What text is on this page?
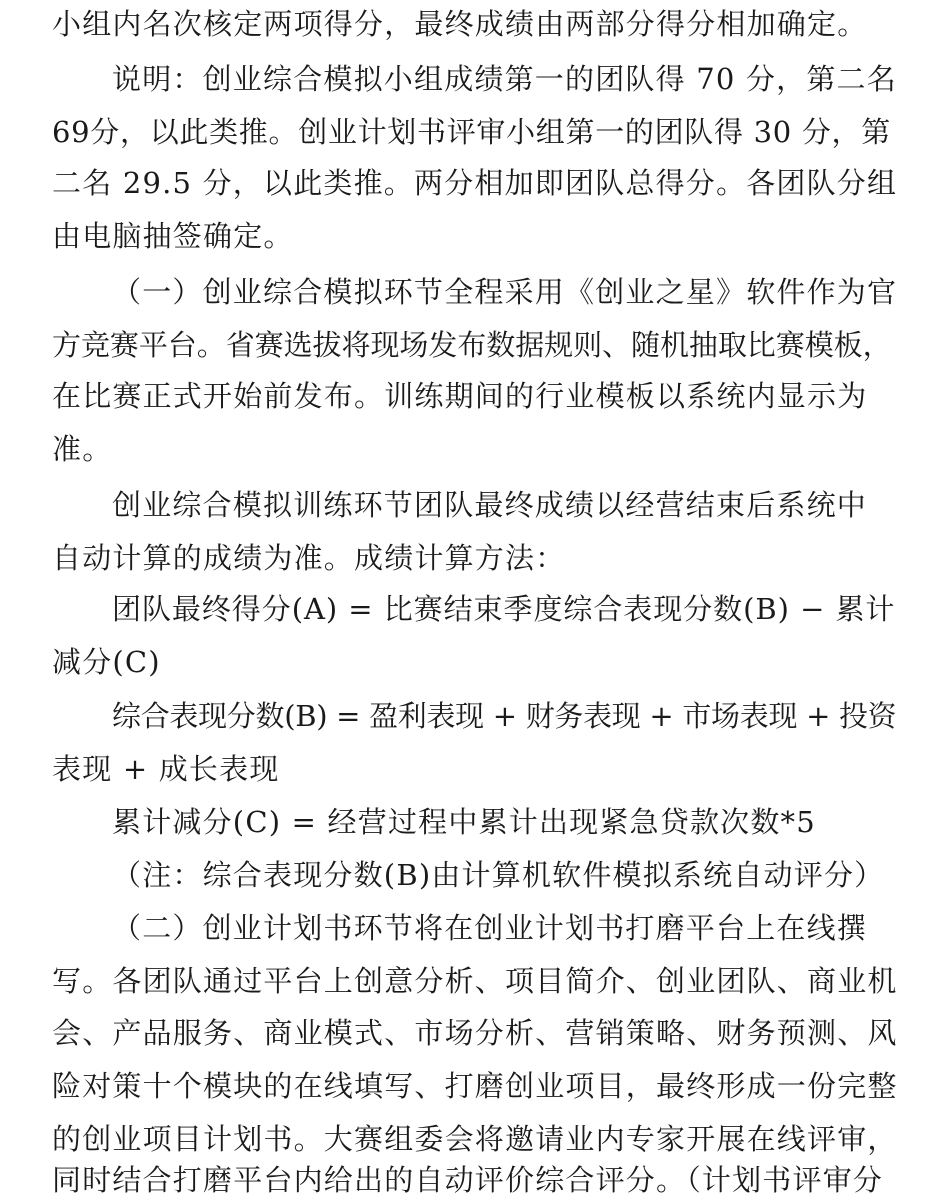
小组内名次核定两项得分，最终成绩由两部分得分相加确定。
说明：创业综合模拟小组成绩第一的团队得 70 分，第二名
69分，以此类推。创业计划书评审小组第一的团队得 30 分，第
二名 29.5 分，以此类推。两分相加即团队总得分。各团队分组
由电脑抽签确定。
（一）创业综合模拟环节全程采用《创业之星》软件作为官
方竞赛平台。省赛选拔将现场发布数据规则、随机抽取比赛模板，
在比赛正式开始前发布。训练期间的行业模板以系统内显示为
准。
创业综合模拟训练环节团队最终成绩以经营结束后系统中
自动计算的成绩为准。成绩计算方法：
团队最终得分(A) = 比赛结束季度综合表现分数(B) − 累计
减分(C)
综合表现分数(B) = 盈利表现 + 财务表现 + 市场表现 + 投资
表现 + 成长表现
累计减分(C) = 经营过程中累计出现紧急贷款次数*5
（注：综合表现分数(B)由计算机软件模拟系统自动评分）
（二）创业计划书环节将在创业计划书打磨平台上在线撰
写。各团队通过平台上创意分析、项目简介、创业团队、商业机
会、产品服务、商业模式、市场分析、营销策略、财务预测、风
险对策十个模块的在线填写、打磨创业项目，最终形成一份完整
的创业项目计划书。大赛组委会将邀请业内专家开展在线评审，
同时结合打磨平台内给出的自动评价综合评分。（计划书评审分
